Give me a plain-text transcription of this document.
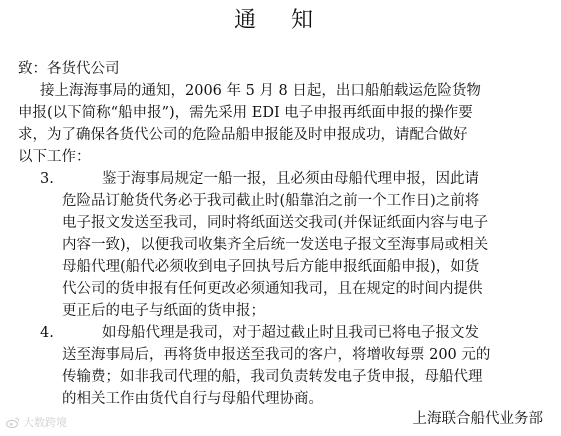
通 知
致：各货代公司
接上海海事局的通知，2006 年 5 月 8 日起，出口船舶载运危险货物
申报(以下简称“船申报”)，需先采用 EDI 电子申报再纸面申报的操作要
求，为了确保各货代公司的危险品船申报能及时申报成功，请配合做好
以下工作：
3.	鉴于海事局规定一船一报，且必须由母船代理申报，因此请
危险品订舱货代务必于我司截止时(船靠泊之前一个工作日)之前将
电子报文发送至我司，同时将纸面送交我司(并保证纸面内容与电子
内容一致)，以便我司收集齐全后统一发送电子报文至海事局或相关
母船代理(船代必须收到电子回执号后方能申报纸面船申报)，如货
代公司的货申报有任何更改必须通知我司，且在规定的时间内提供
更正后的电子与纸面的货申报；
4.	如母船代理是我司，对于超过截止时且我司已将电子报文发
送至海事局后，再将货申报送至我司的客户，将增收每票 200 元的
传输费；如非我司代理的船，我司负责转发电子货申报，母船代理
的相关工作由货代自行与母船代理协商。
上海联合船代业务部
大数跨境
